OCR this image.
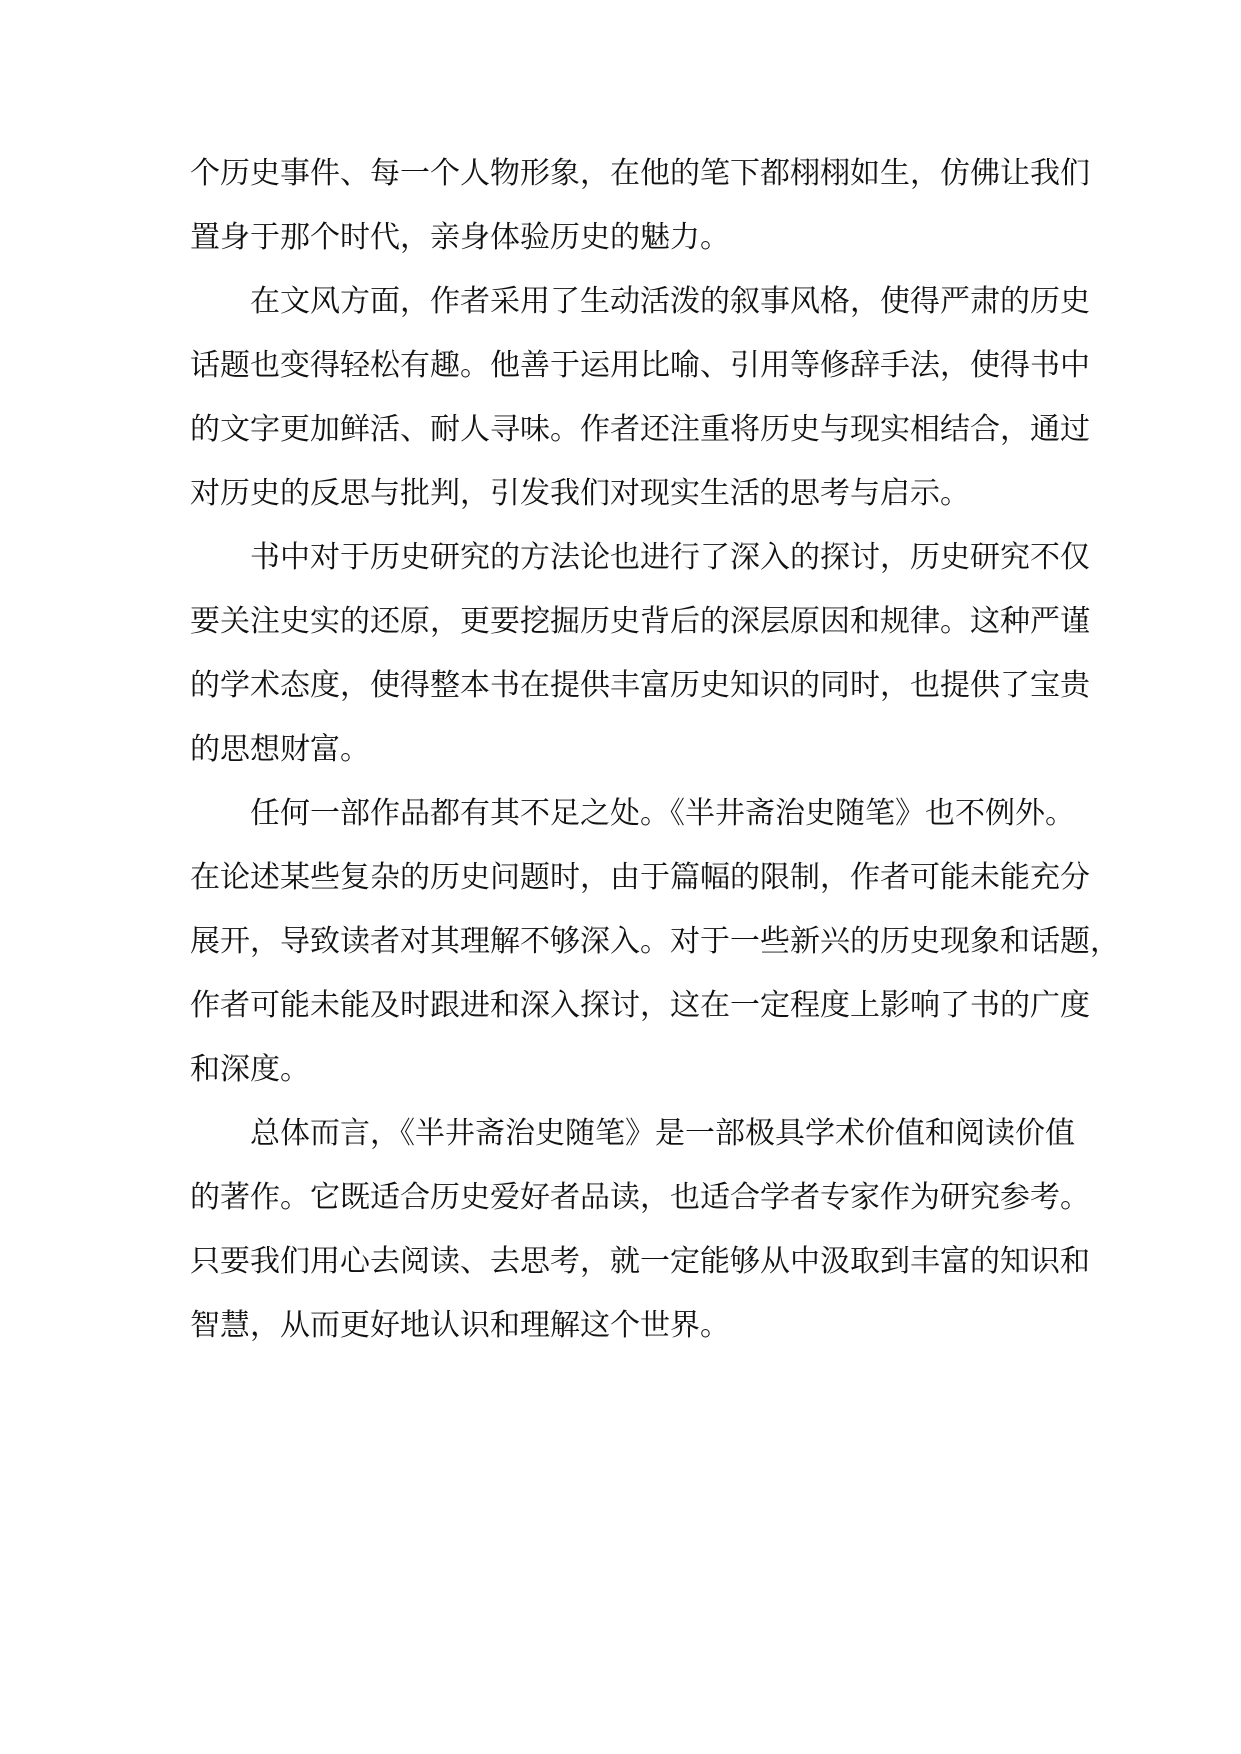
个历史事件、每一个人物形象，在他的笔下都栩栩如生，仿佛让我们
置身于那个时代，亲身体验历史的魅力。

在文风方面，作者采用了生动活泼的叙事风格，使得严肃的历史
话题也变得轻松有趣。他善于运用比喻、引用等修辞手法，使得书中
的文字更加鲜活、耐人寻味。作者还注重将历史与现实相结合，通过
对历史的反思与批判，引发我们对现实生活的思考与启示。

书中对于历史研究的方法论也进行了深入的探讨，历史研究不仅
要关注史实的还原，更要挖掘历史背后的深层原因和规律。这种严谨
的学术态度，使得整本书在提供丰富历史知识的同时，也提供了宝贵
的思想财富。

任何一部作品都有其不足之处。《半井斋治史随笔》也不例外。
在论述某些复杂的历史问题时，由于篇幅的限制，作者可能未能充分
展开，导致读者对其理解不够深入。对于一些新兴的历史现象和话题，
作者可能未能及时跟进和深入探讨，这在一定程度上影响了书的广度
和深度。

总体而言，《半井斋治史随笔》是一部极具学术价值和阅读价值
的著作。它既适合历史爱好者品读，也适合学者专家作为研究参考。
只要我们用心去阅读、去思考，就一定能够从中汲取到丰富的知识和
智慧，从而更好地认识和理解这个世界。
